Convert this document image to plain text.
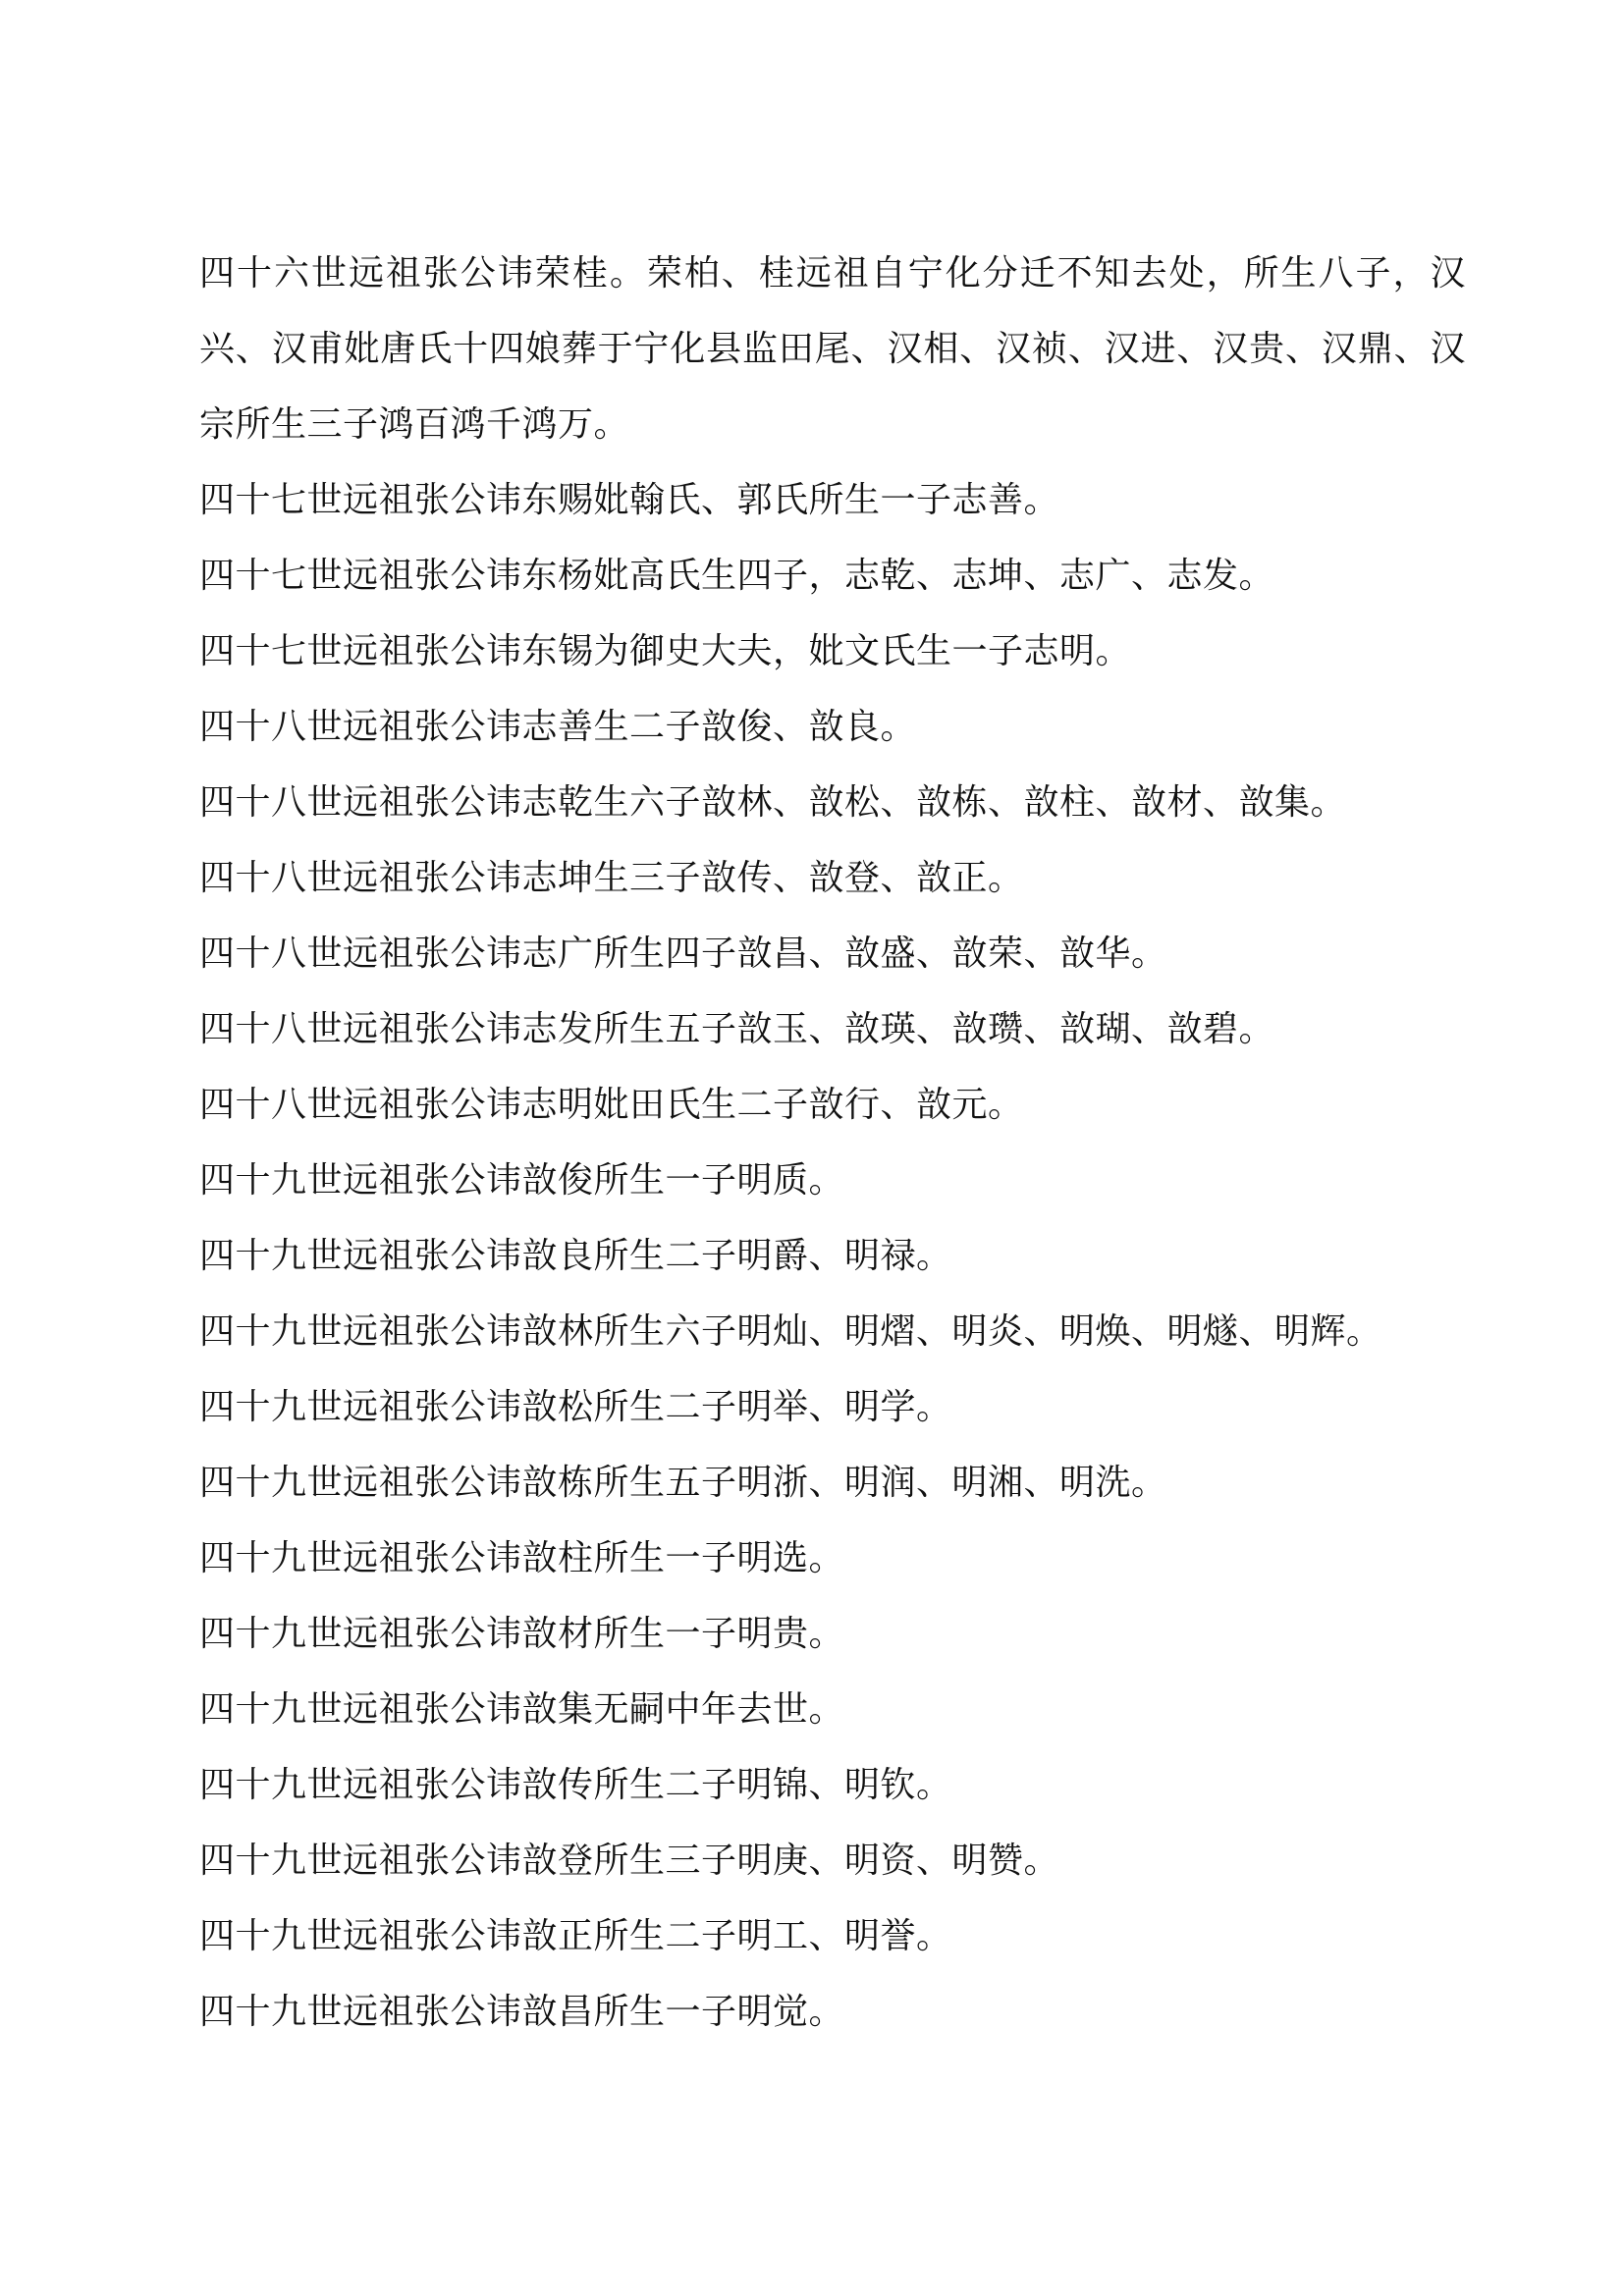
四十六世远祖张公讳荣桂。荣柏、桂远祖自宁化分迁不知去处，所生八子，汉兴、汉甫妣唐氏十四娘葬于宁化县监田尾、汉相、汉祯、汉进、汉贵、汉鼎、汉宗所生三子鸿百鸿千鸿万。

四十七世远祖张公讳东赐妣翰氏、郭氏所生一子志善。

四十七世远祖张公讳东杨妣高氏生四子，志乾、志坤、志广、志发。

四十七世远祖张公讳东锡为御史大夫，妣文氏生一子志明。

四十八世远祖张公讳志善生二子敨俊、敨良。

四十八世远祖张公讳志乾生六子敨林、敨松、敨栋、敨柱、敨材、敨集。

四十八世远祖张公讳志坤生三子敨传、敨登、敨正。

四十八世远祖张公讳志广所生四子敨昌、敨盛、敨荣、敨华。

四十八世远祖张公讳志发所生五子敨玉、敨瑛、敨瓒、敨瑚、敨碧。

四十八世远祖张公讳志明妣田氏生二子敨行、敨元。

四十九世远祖张公讳敨俊所生一子明质。

四十九世远祖张公讳敨良所生二子明爵、明禄。

四十九世远祖张公讳敨林所生六子明灿、明熠、明炎、明焕、明燧、明辉。

四十九世远祖张公讳敨松所生二子明举、明学。

四十九世远祖张公讳敨栋所生五子明浙、明润、明湘、明洗。

四十九世远祖张公讳敨柱所生一子明选。

四十九世远祖张公讳敨材所生一子明贵。

四十九世远祖张公讳敨集无嗣中年去世。

四十九世远祖张公讳敨传所生二子明锦、明钦。

四十九世远祖张公讳敨登所生三子明庚、明资、明赞。

四十九世远祖张公讳敨正所生二子明工、明誉。

四十九世远祖张公讳敨昌所生一子明觉。
